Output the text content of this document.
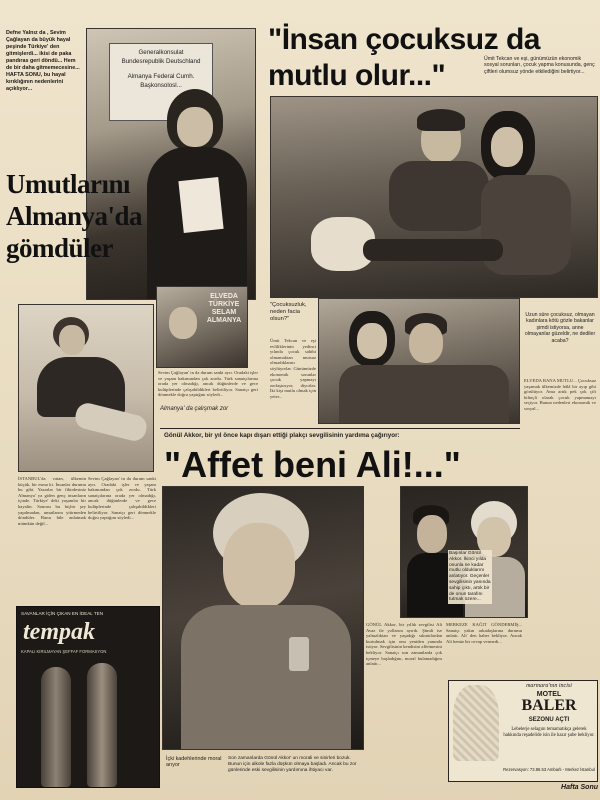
Defne Yalnız da , Sevim Çağlayan da büyük hayal peşinde Türkiye' den gitmişlerdi... ikisi de paka pandıras geri döndü... Hem de bir daha gitmemecesine... HAFTA SONU, bu hayal kırıklığının nedenlerini açıklıyor...
Generalkonsulat
Bundesrepublik Deutschland
Almanya Federal Cumh.
Başkonsolosl...
Umutlarını
Almanya'da
gömdüler
ELVEDA
TÜRKİYE
SELAM
ALMANYA
Almanya' da çalışmak zor
Sevim Çağlayan' in da durum sanki ayrı. Oradaki işler ve yaşam bakımından çok zordu. Türk sanatçılarına orada yer olmadığı, ancak düğünlerde ve gece kulüplerinde çalışabildikleri belirtiliyor. Sanatçı geri dönmekle doğru yaptığını söyledi...
"İnsan çocuksuz da
mutlu olur..."	Ümit Tekcan ve eşi, günümüzün ekonomik sosyal sorunları, çocuk yapma konusunda, genç çiftleri olumsuz yönde etkilediğini belirtiyor...
"Çocuksuzluk, neden facia olsun?"
Ümit Tekcan ve eşi evliliklerinin yedinci yılında çocuk sahibi olmamaktan mutsuz olmadıklarını söylüyorlar. Günümüzde ekonomik sorunlar çocuk yapmayı zorlaştırıyor, diyorlar. İki kişi mutlu olmak için yeter...
Uzun süre çocuksuz, olmayan kadınlara kötü gözle bakanlar şimdi istiyorsa, anne olmayanlar güzeldir, ne dediler acaba?
ELVEDA BANA MUTLU... Çocuksuz yaşamak ülkemizde hâlâ bir ayıp gibi görülüyor. Ama artık pek çok çift bilinçli olarak çocuk yapmamayı seçiyor. Bunun nedenleri ekonomik ve sosyal...
Gönül Akkor, bir yıl önce kapı dışarı ettiği plakçı sevgilisinin yardıma çağırıyor:
"Affet beni Ali!..."
İSTANBUL'da vatan, ülkemin küçük, bir esma ki. İnsanlar durumu bu gibi. Yazarlar bir fikirdesiniz Almanya' ya giden genç insanların içinde. Türkiye' deki yaşamlar bir hayalin. Sonrası bu hiçbir şey yapılmadan, umutlarını yitirmeden döndüler. Bunu bile anlatmak mümkün değil...
Sevim Çağlayan' in da durum sanki ayrı. Oradaki işler ve yaşam bakımından çok zordu. Türk sanatçılarına orada yer olmadığı, ancak düğünlerde ve gece kulüplerinde çalışabildikleri belirtiliyor. Sanatçı geri dönmekle doğru yaptığını söyledi...
SAVANLAR İÇİN ÇIKAN EN İDEAL TEN
tempak
KAPALI KIRILMAYAN ŞEFFAF FORMASYON
İçki kadehlerinde moral arıyor
Son zamanlarda Gönül Akkor' un morali ve sinirleri bozuk. Bunun için alkole fazla düşkün olmaya başladı. Ancak bu zor günlerinde eski sevgilisinin yardımına ihtiyacı var.
Başınlar Gönül Akkor. İkinci yılda onunla ne kadar mutlu olduklarını anlatıyor. Geçenler sevgilisinin yanında sahip çıktı, artık bir de onun tarafını tutmak üzere...
GÖNÜL Akkor, bir yıllık sevgilisi Ali Avaz ile yollarını ayırdı. Şimdi ise yalnızlıktan ve yaşadığı sıkıntılardan kurtulmak için onu yeniden yanında istiyor. Sevgilisinin kendisini affetmesini bekliyor. Sanatçı son zamanlarda çok içmeye başladığını, moral bulamadığını anlattı...
MERKEZE KAĞIT GÖNDERMİŞ... Sanatçı yakın arkadaşlarına durumu anlattı. Ali' den haber bekliyor. Ancak Ali henüz bir cevap vermedi...
marmara'nın incisi
MOTEL
BALER
SEZONU AÇTI
Lebelerje selagını temamatıkça gelerek hakkında reşadelide isin ile hazır şube bekliyor.
Rezervasyon: 73.86.53 Ambarlı - Merkez İstanbul
Hafta Sonu
